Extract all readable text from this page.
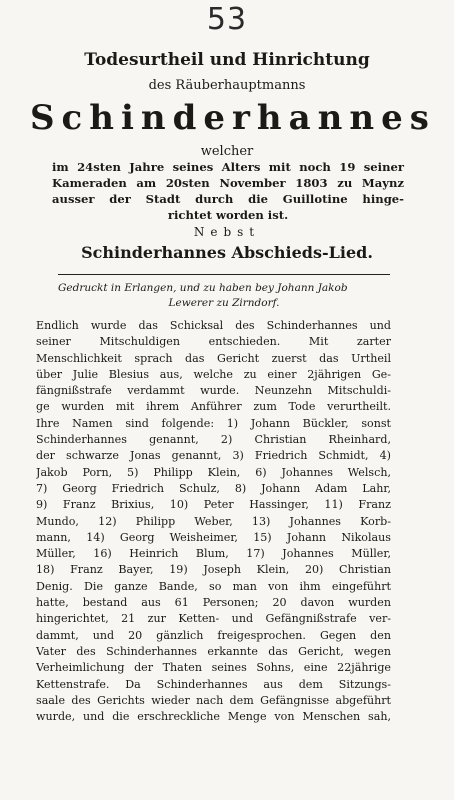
53
Todesurtheil und Hinrichtung
des Räuberhauptmanns
Schinderhannes
welcher
im 24sten Jahre seines Alters mit noch 19 seiner
Kameraden am 20sten November 1803 zu Maynz
ausser der Stadt durch die Guillotine hinge-
richtet worden ist.
Nebst
Schinderhannes Abschieds-Lied.
Gedruckt in Erlangen, und zu haben bey Johann Jakob
Lewerer zu Zirndorf.
Endlich wurde das Schicksal des Schinderhannes und
seiner Mitschuldigen entschieden. Mit zarter
Menschlichkeit sprach das Gericht zuerst das Urtheil
über Julie Blesius aus, welche zu einer 2jährigen Ge-
fängnißstrafe verdammt wurde. Neunzehn Mitschuldi-
ge wurden mit ihrem Anführer zum Tode verurtheilt.
Ihre Namen sind folgende: 1) Johann Bückler, sonst
Schinderhannes genannt, 2) Christian Rheinhard,
der schwarze Jonas genannt, 3) Friedrich Schmidt, 4)
Jakob Porn, 5) Philipp Klein, 6) Johannes Welsch,
7) Georg Friedrich Schulz, 8) Johann Adam Lahr,
9) Franz Brixius, 10) Peter Hassinger, 11) Franz
Mundo, 12) Philipp Weber, 13) Johannes Korb-
mann, 14) Georg Weisheimer, 15) Johann Nikolaus
Müller, 16) Heinrich Blum, 17) Johannes Müller,
18) Franz Bayer, 19) Joseph Klein, 20) Christian
Denig. Die ganze Bande, so man von ihm eingeführt
hatte, bestand aus 61 Personen; 20 davon wurden
hingerichtet, 21 zur Ketten- und Gefängnißstrafe ver-
dammt, und 20 gänzlich freigesprochen. Gegen den
Vater des Schinderhannes erkannte das Gericht, wegen
Verheimlichung der Thaten seines Sohns, eine 22jährige
Kettenstrafe. Da Schinderhannes aus dem Sitzungs-
saale des Gerichts wieder nach dem Gefängnisse abgeführt
wurde, und die erschreckliche Menge von Menschen sah,
